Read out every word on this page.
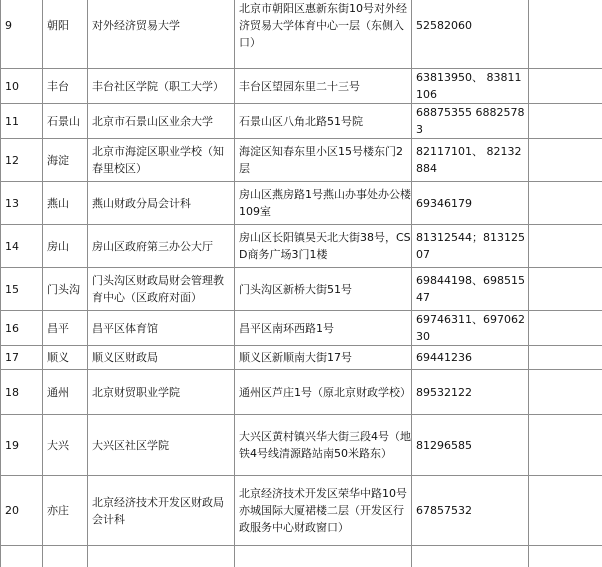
9	朝阳	对外经济贸易大学	北京市朝阳区惠新东街10号对外经济贸易大学体育中心一层（东侧入口）	52582060	
10	丰台	丰台社区学院（职工大学）	丰台区望园东里二十三号	63813950、 83811106	
11	石景山	北京市石景山区业余大学	石景山区八角北路51号院	68875355 68825783	
12	海淀	北京市海淀区职业学校（知春里校区）	海淀区知春东里小区15号楼东门2层	82117101、 82132884	
13	燕山	燕山财政分局会计科	房山区燕房路1号燕山办事处办公楼109室	69346179	
14	房山	房山区政府第三办公大厅	房山区长阳镇昊天北大街38号，CSD商务广场3门1楼	81312544；81312507	
15	门头沟	门头沟区财政局财会管理教育中心（区政府对面）	门头沟区新桥大街51号	69844198、69851547	
16	昌平	昌平区体育馆	昌平区南环西路1号	69746311、69706230	
17	顺义	顺义区财政局	顺义区新顺南大街17号	69441236	
18	通州	北京财贸职业学院	通州区芦庄1号（原北京财政学校）	89532122	
19	大兴	大兴区社区学院	大兴区黄村镇兴华大街三段4号（地铁4号线清源路站南50米路东）	81296585	
20	亦庄	北京经济技术开发区财政局会计科	北京经济技术开发区荣华中路10号亦城国际大厦裙楼二层（开发区行政服务中心财政窗口）	67857532	
